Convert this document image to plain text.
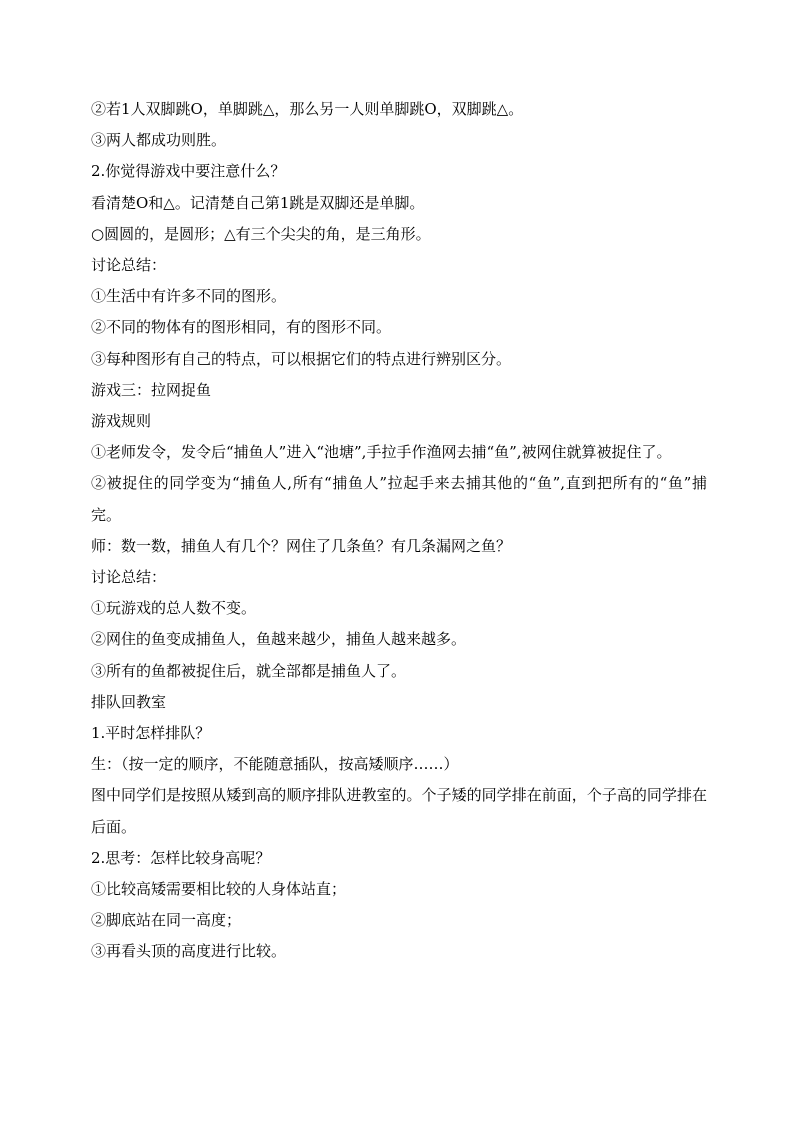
②若1人双脚跳O，单脚跳△，那么另一人则单脚跳O，双脚跳△。
③两人都成功则胜。
2.你觉得游戏中要注意什么？
看清楚O和△。记清楚自己第1跳是双脚还是单脚。
○圆圆的，是圆形；△有三个尖尖的角，是三角形。
讨论总结：
①生活中有许多不同的图形。
②不同的物体有的图形相同，有的图形不同。
③每种图形有自己的特点，可以根据它们的特点进行辨别区分。
游戏三：拉网捉鱼
游戏规则
①老师发令，发令后“捕鱼人”进入“池塘”,手拉手作渔网去捕“鱼”,被网住就算被捉住了。
②被捉住的同学变为“捕鱼人,所有“捕鱼人”拉起手来去捕其他的“鱼”,直到把所有的“鱼”捕完。
师：数一数，捕鱼人有几个？网住了几条鱼？有几条漏网之鱼？
讨论总结：
①玩游戏的总人数不变。
②网住的鱼变成捕鱼人，鱼越来越少，捕鱼人越来越多。
③所有的鱼都被捉住后，就全部都是捕鱼人了。
排队回教室
1.平时怎样排队？
生：（按一定的顺序，不能随意插队，按高矮顺序……）
图中同学们是按照从矮到高的顺序排队进教室的。个子矮的同学排在前面，个子高的同学排在后面。
2.思考：怎样比较身高呢？
①比较高矮需要相比较的人身体站直；
②脚底站在同一高度；
③再看头顶的高度进行比较。
